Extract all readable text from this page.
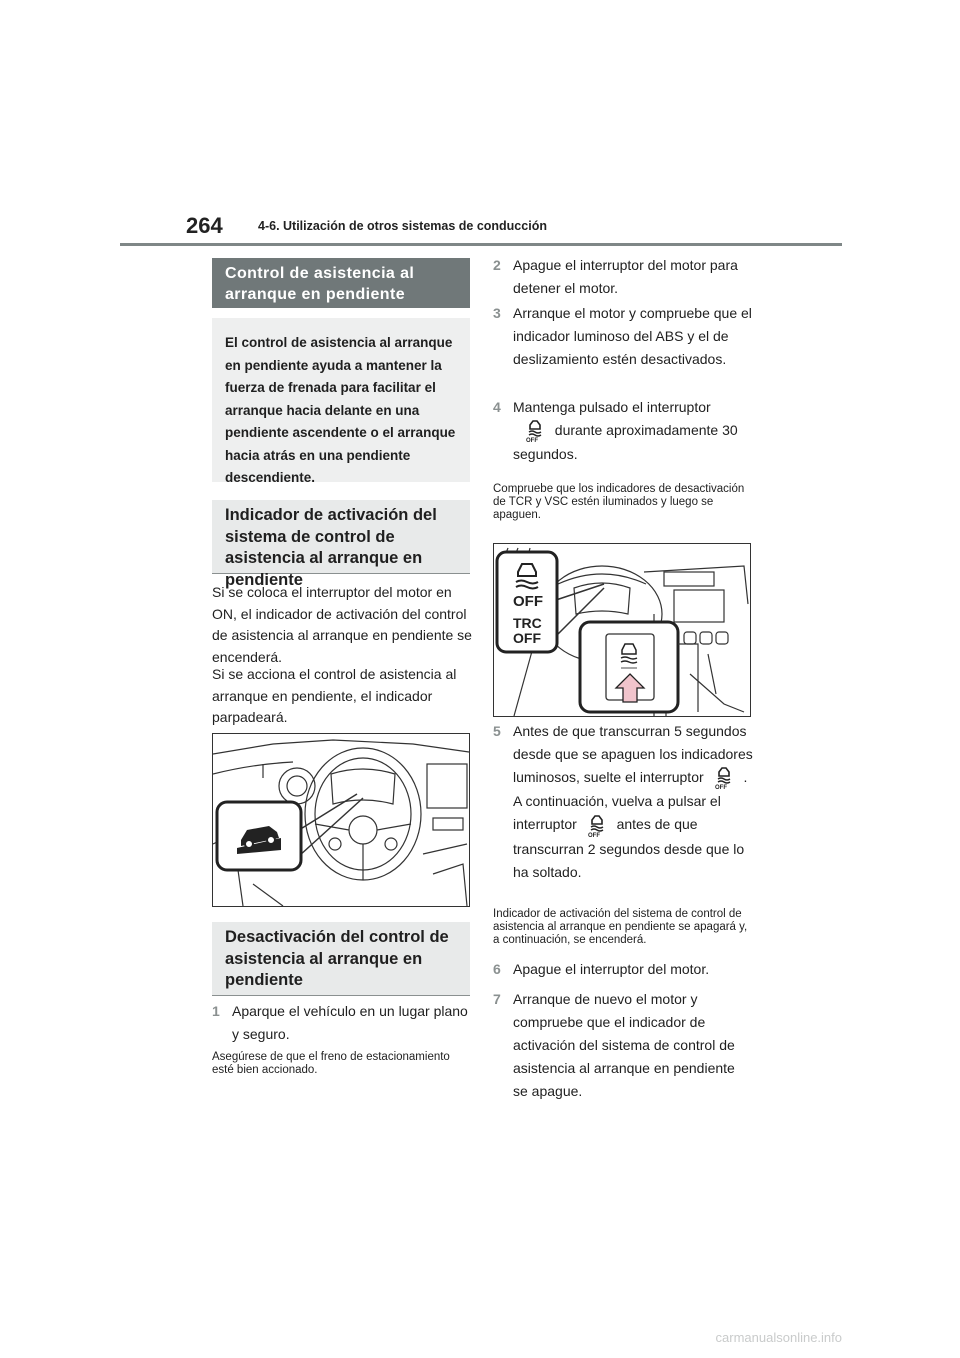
264	4-6. Utilización de otros sistemas de conducción
Control de asistencia al arranque en pendiente
El control de asistencia al arranque en pendiente ayuda a mantener la fuerza de frenada para facilitar el arranque hacia delante en una pendiente ascendente o el arranque hacia atrás en una pendiente descendiente.
Indicador de activación del sistema de control de asistencia al arranque en pendiente
Si se coloca el interruptor del motor en ON, el indicador de activación del control de asistencia al arranque en pendiente se encenderá.
Si se acciona el control de asistencia al arranque en pendiente, el indicador parpadeará.
Desactivación del control de asistencia al arranque en pendiente
1 Aparque el vehículo en un lugar plano y seguro.
Asegúrese de que el freno de estacionamiento esté bien accionado.
2 Apague el interruptor del motor para detener el motor.
3 Arranque el motor y compruebe que el indicador luminoso del ABS y el de deslizamiento estén desactivados.
4 Mantenga pulsado el interruptor

OFF
durante aproximadamente 30 segundos.
Compruebe que los indicadores de desactivación de TCR y VSC estén iluminados y luego se apaguen.
OFF
TRC
OFF
5 Antes de que transcurran 5 segundos desde que se apaguen los indicadores luminosos, suelte el interruptor
OFF
. A continuación, vuelva a pulsar el interruptor
OFF
antes de que transcurran 2 segundos desde que lo ha soltado.
Indicador de activación del sistema de control de asistencia al arranque en pendiente se apagará y, a continuación, se encenderá.
6 Apague el interruptor del motor.
7 Arranque de nuevo el motor y compruebe que el indicador de activación del sistema de control de asistencia al arranque en pendiente se apague.
carmanualsonline.info
